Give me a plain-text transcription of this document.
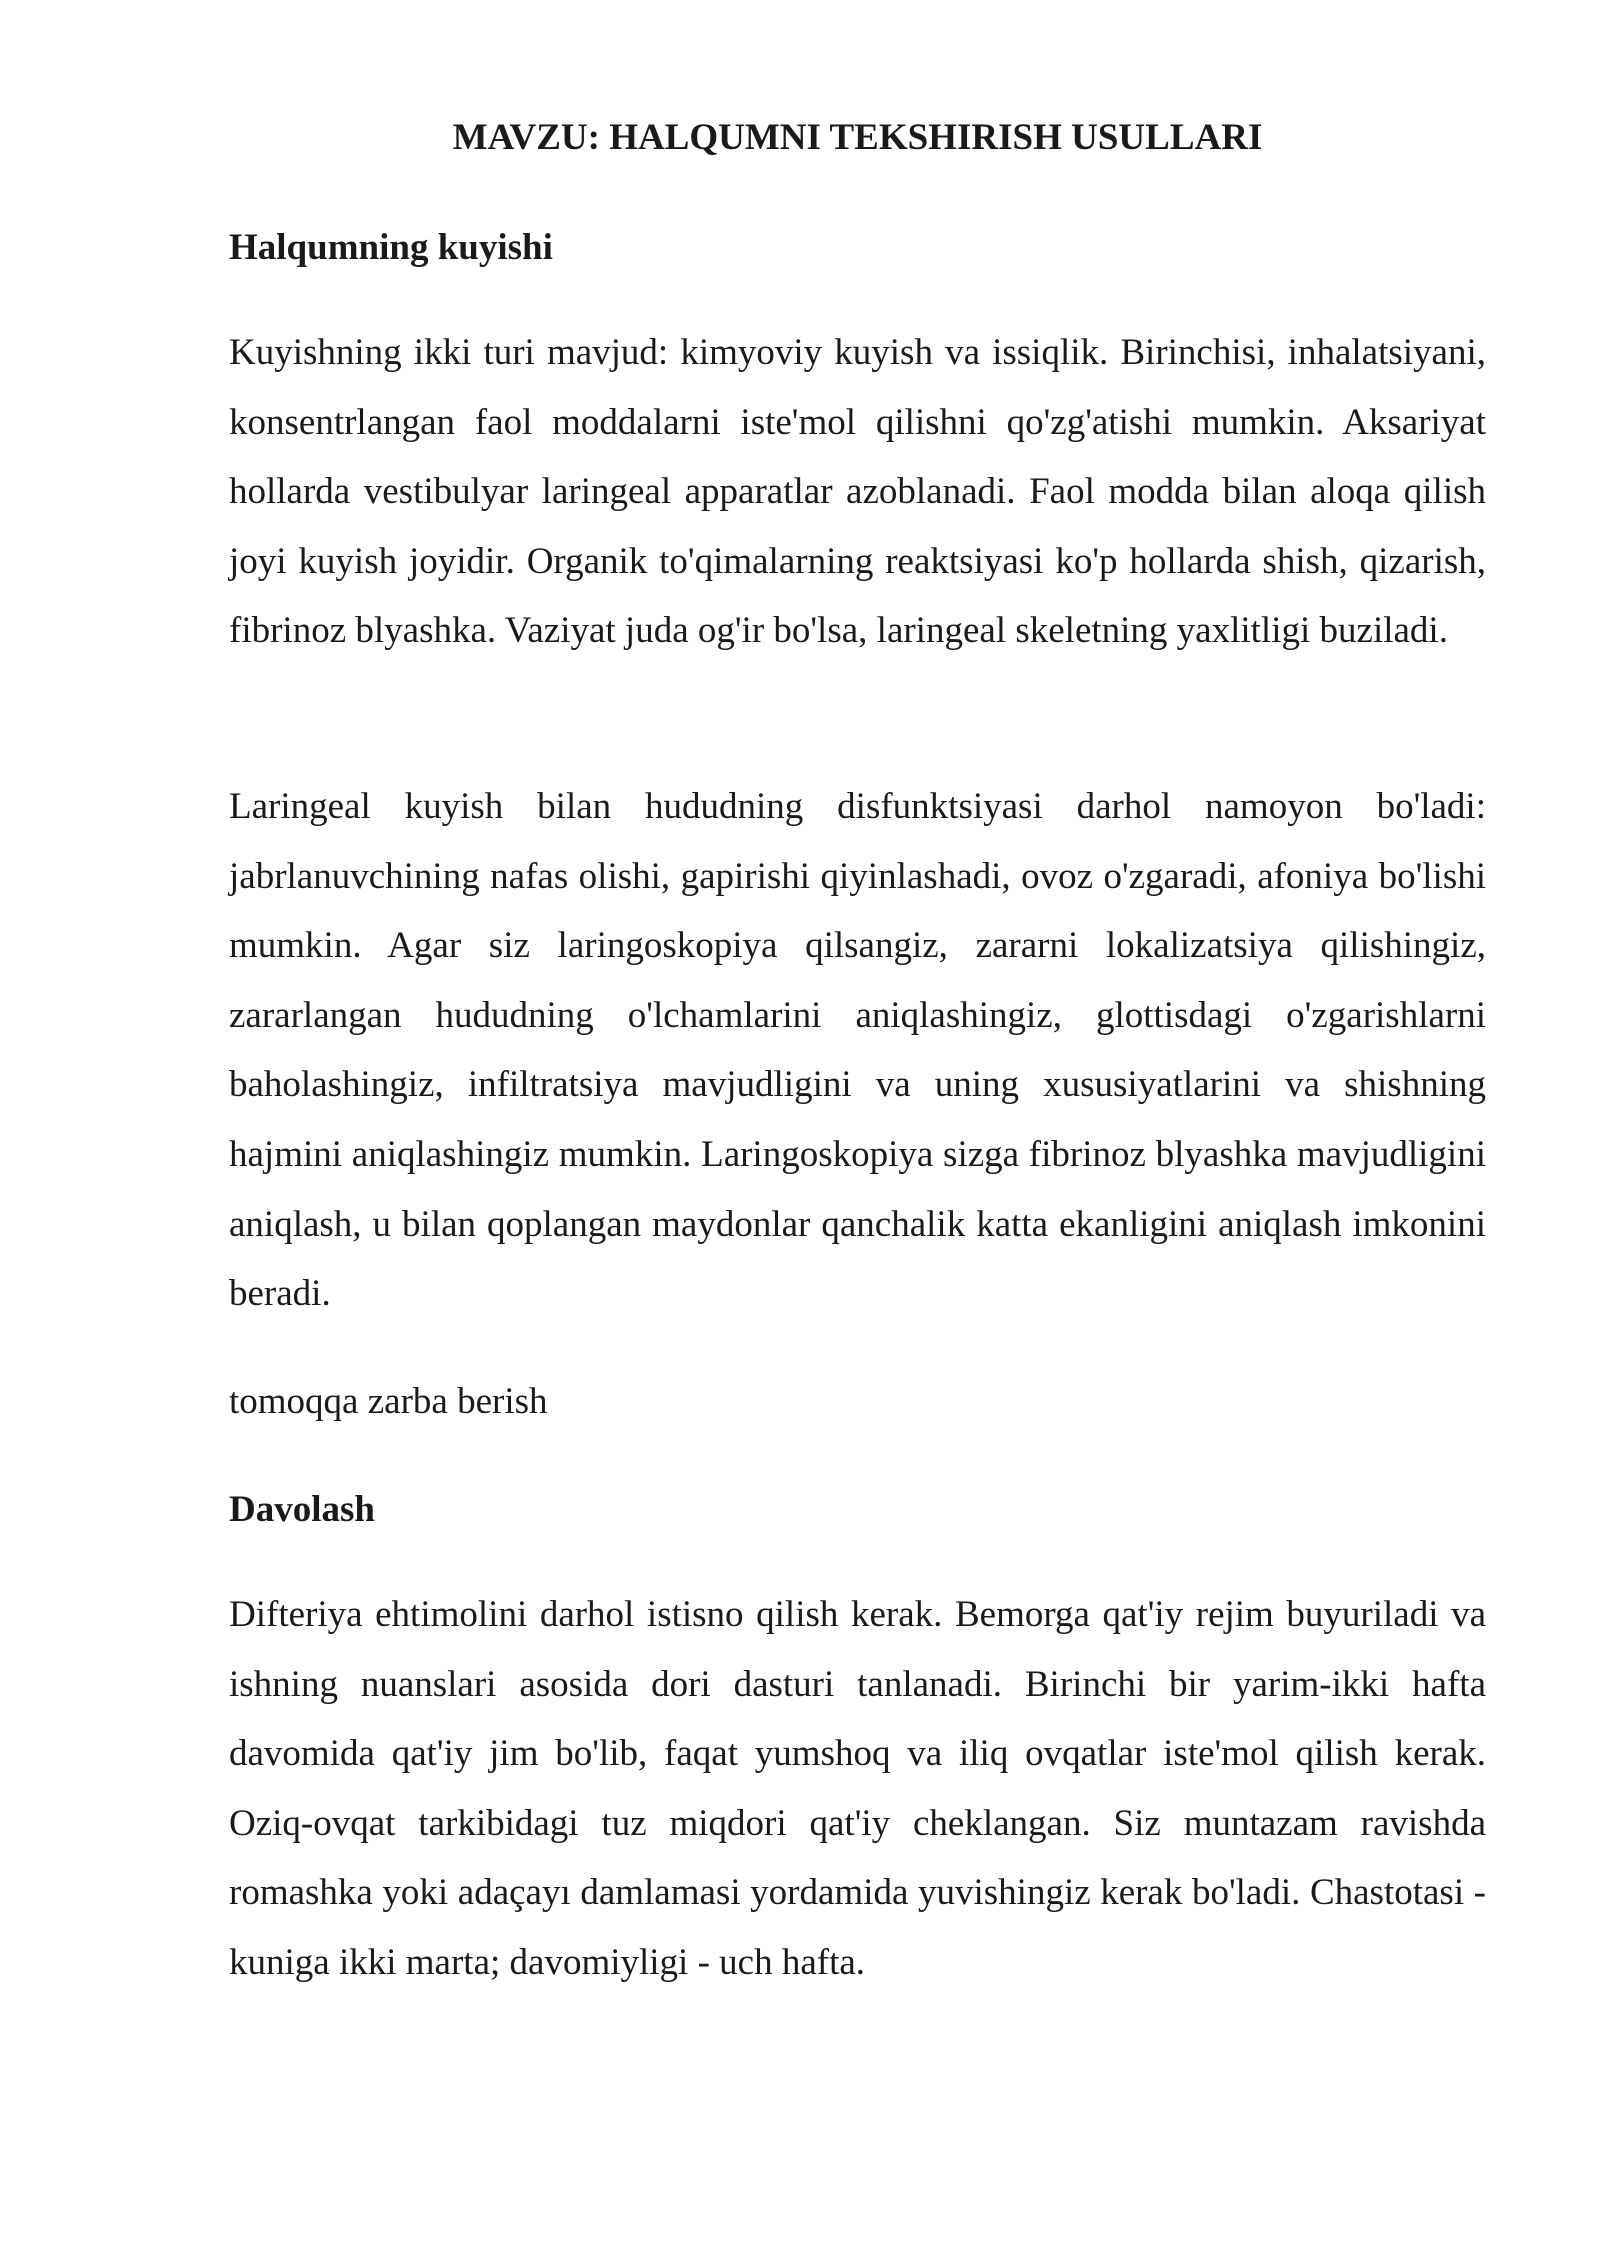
MAVZU: HALQUMNI TEKSHIRISH USULLARI
Halqumning kuyishi

Kuyishning ikki turi mavjud: kimyoviy kuyish va issiqlik. Birinchisi, inhalatsiyani, konsentrlangan faol moddalarni iste'mol qilishni qo'zg'atishi mumkin. Aksariyat hollarda vestibulyar laringeal apparatlar azoblanadi. Faol modda bilan aloqa qilish joyi kuyish joyidir. Organik to'qimalarning reaktsiyasi ko'p hollarda shish, qizarish, fibrinoz blyashka. Vaziyat juda og'ir bo'lsa, laringeal skeletning yaxlitligi buziladi.

Laringeal kuyish bilan hududning disfunktsiyasi darhol namoyon bo'ladi: jabrlanuvchining nafas olishi, gapirishi qiyinlashadi, ovoz o'zgaradi, afoniya bo'lishi mumkin. Agar siz laringoskopiya qilsangiz, zararni lokalizatsiya qilishingiz, zararlangan hududning o'lchamlarini aniqlashingiz, glottisdagi o'zgarishlarni baholashingiz, infiltratsiya mavjudligini va uning xususiyatlarini va shishning hajmini aniqlashingiz mumkin. Laringoskopiya sizga fibrinoz blyashka mavjudligini aniqlash, u bilan qoplangan maydonlar qanchalik katta ekanligini aniqlash imkonini beradi.

tomoqqa zarba berish

Davolash

Difteriya ehtimolini darhol istisno qilish kerak. Bemorga qat'iy rejim buyuriladi va ishning nuanslari asosida dori dasturi tanlanadi. Birinchi bir yarim-ikki hafta davomida qat'iy jim bo'lib, faqat yumshoq va iliq ovqatlar iste'mol qilish kerak. Oziq-ovqat tarkibidagi tuz miqdori qat'iy cheklangan. Siz muntazam ravishda romashka yoki adaçayı damlamasi yordamida yuvishingiz kerak bo'ladi. Chastotasi - kuniga ikki marta; davomiyligi - uch hafta.
